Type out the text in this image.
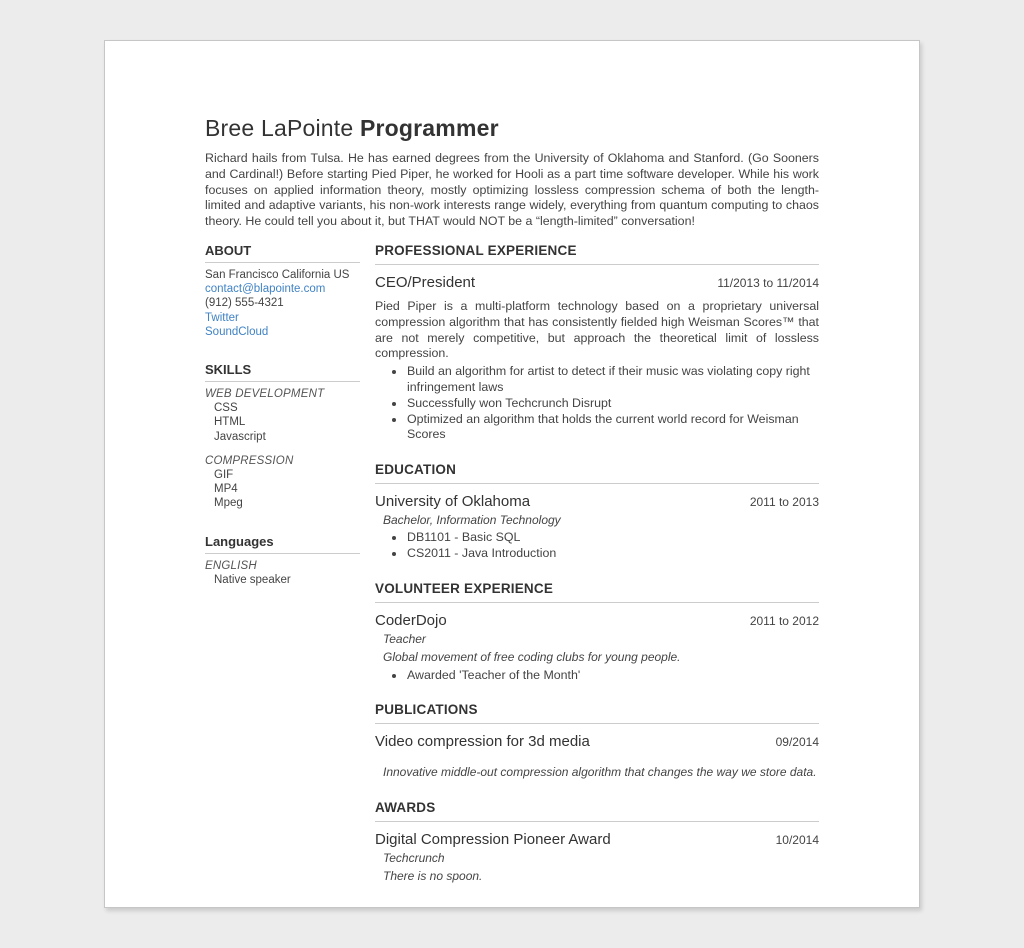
Bree LaPointe Programmer

Richard hails from Tulsa. He has earned degrees from the University of Oklahoma and Stanford. (Go Sooners and Cardinal!) Before starting Pied Piper, he worked for Hooli as a part time software developer. While his work focuses on applied information theory, mostly optimizing lossless compression schema of both the length-limited and adaptive variants, his non-work interests range widely, everything from quantum computing to chaos theory. He could tell you about it, but THAT would NOT be a “length-limited” conversation!

ABOUT
San Francisco California US
contact@blapointe.com
(912) 555-4321
Twitter
SoundCloud
SKILLS
WEB DEVELOPMENT
CSS
HTML
Javascript
COMPRESSION
GIF
MP4
Mpeg
Languages
ENGLISH
Native speaker
PROFESSIONAL EXPERIENCE
CEO/President	11/2013 to 11/2014

Pied Piper is a multi-platform technology based on a proprietary universal compression algorithm that has consistently fielded high Weisman Scores™ that are not merely competitive, but approach the theoretical limit of lossless compression.

• Build an algorithm for artist to detect if their music was violating copy right infringement laws
• Successfully won Techcrunch Disrupt
• Optimized an algorithm that holds the current world record for Weisman Scores
EDUCATION
University of Oklahoma	2011 to 2013
Bachelor, Information Technology
• DB1101 - Basic SQL
• CS2011 - Java Introduction
VOLUNTEER EXPERIENCE
CoderDojo	2011 to 2012
Teacher

Global movement of free coding clubs for young people.

• Awarded 'Teacher of the Month'
PUBLICATIONS
Video compression for 3d media	09/2014

Innovative middle-out compression algorithm that changes the way we store data.

AWARDS
Digital Compression Pioneer Award	10/2014
Techcrunch

There is no spoon.
